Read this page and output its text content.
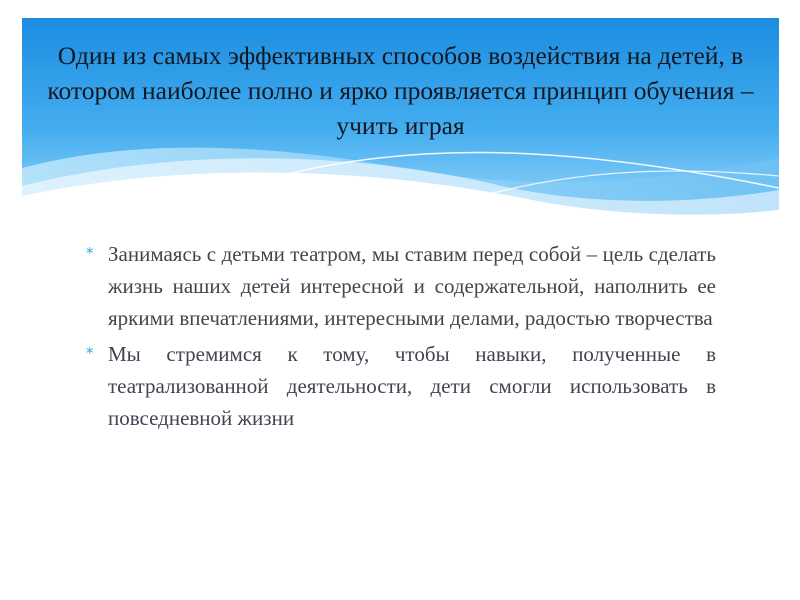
Один из самых эффективных способов воздействия на детей, в котором наиболее полно и ярко проявляется принцип обучения – учить играя
* Занимаясь с детьми театром, мы ставим перед собой – цель сделать жизнь наших детей интересной и содержательной, наполнить ее яркими впечатлениями, интересными делами, радостью творчества
* Мы стремимся к тому, чтобы навыки, полученные в театрализованной деятельности, дети смогли использовать в повседневной жизни
